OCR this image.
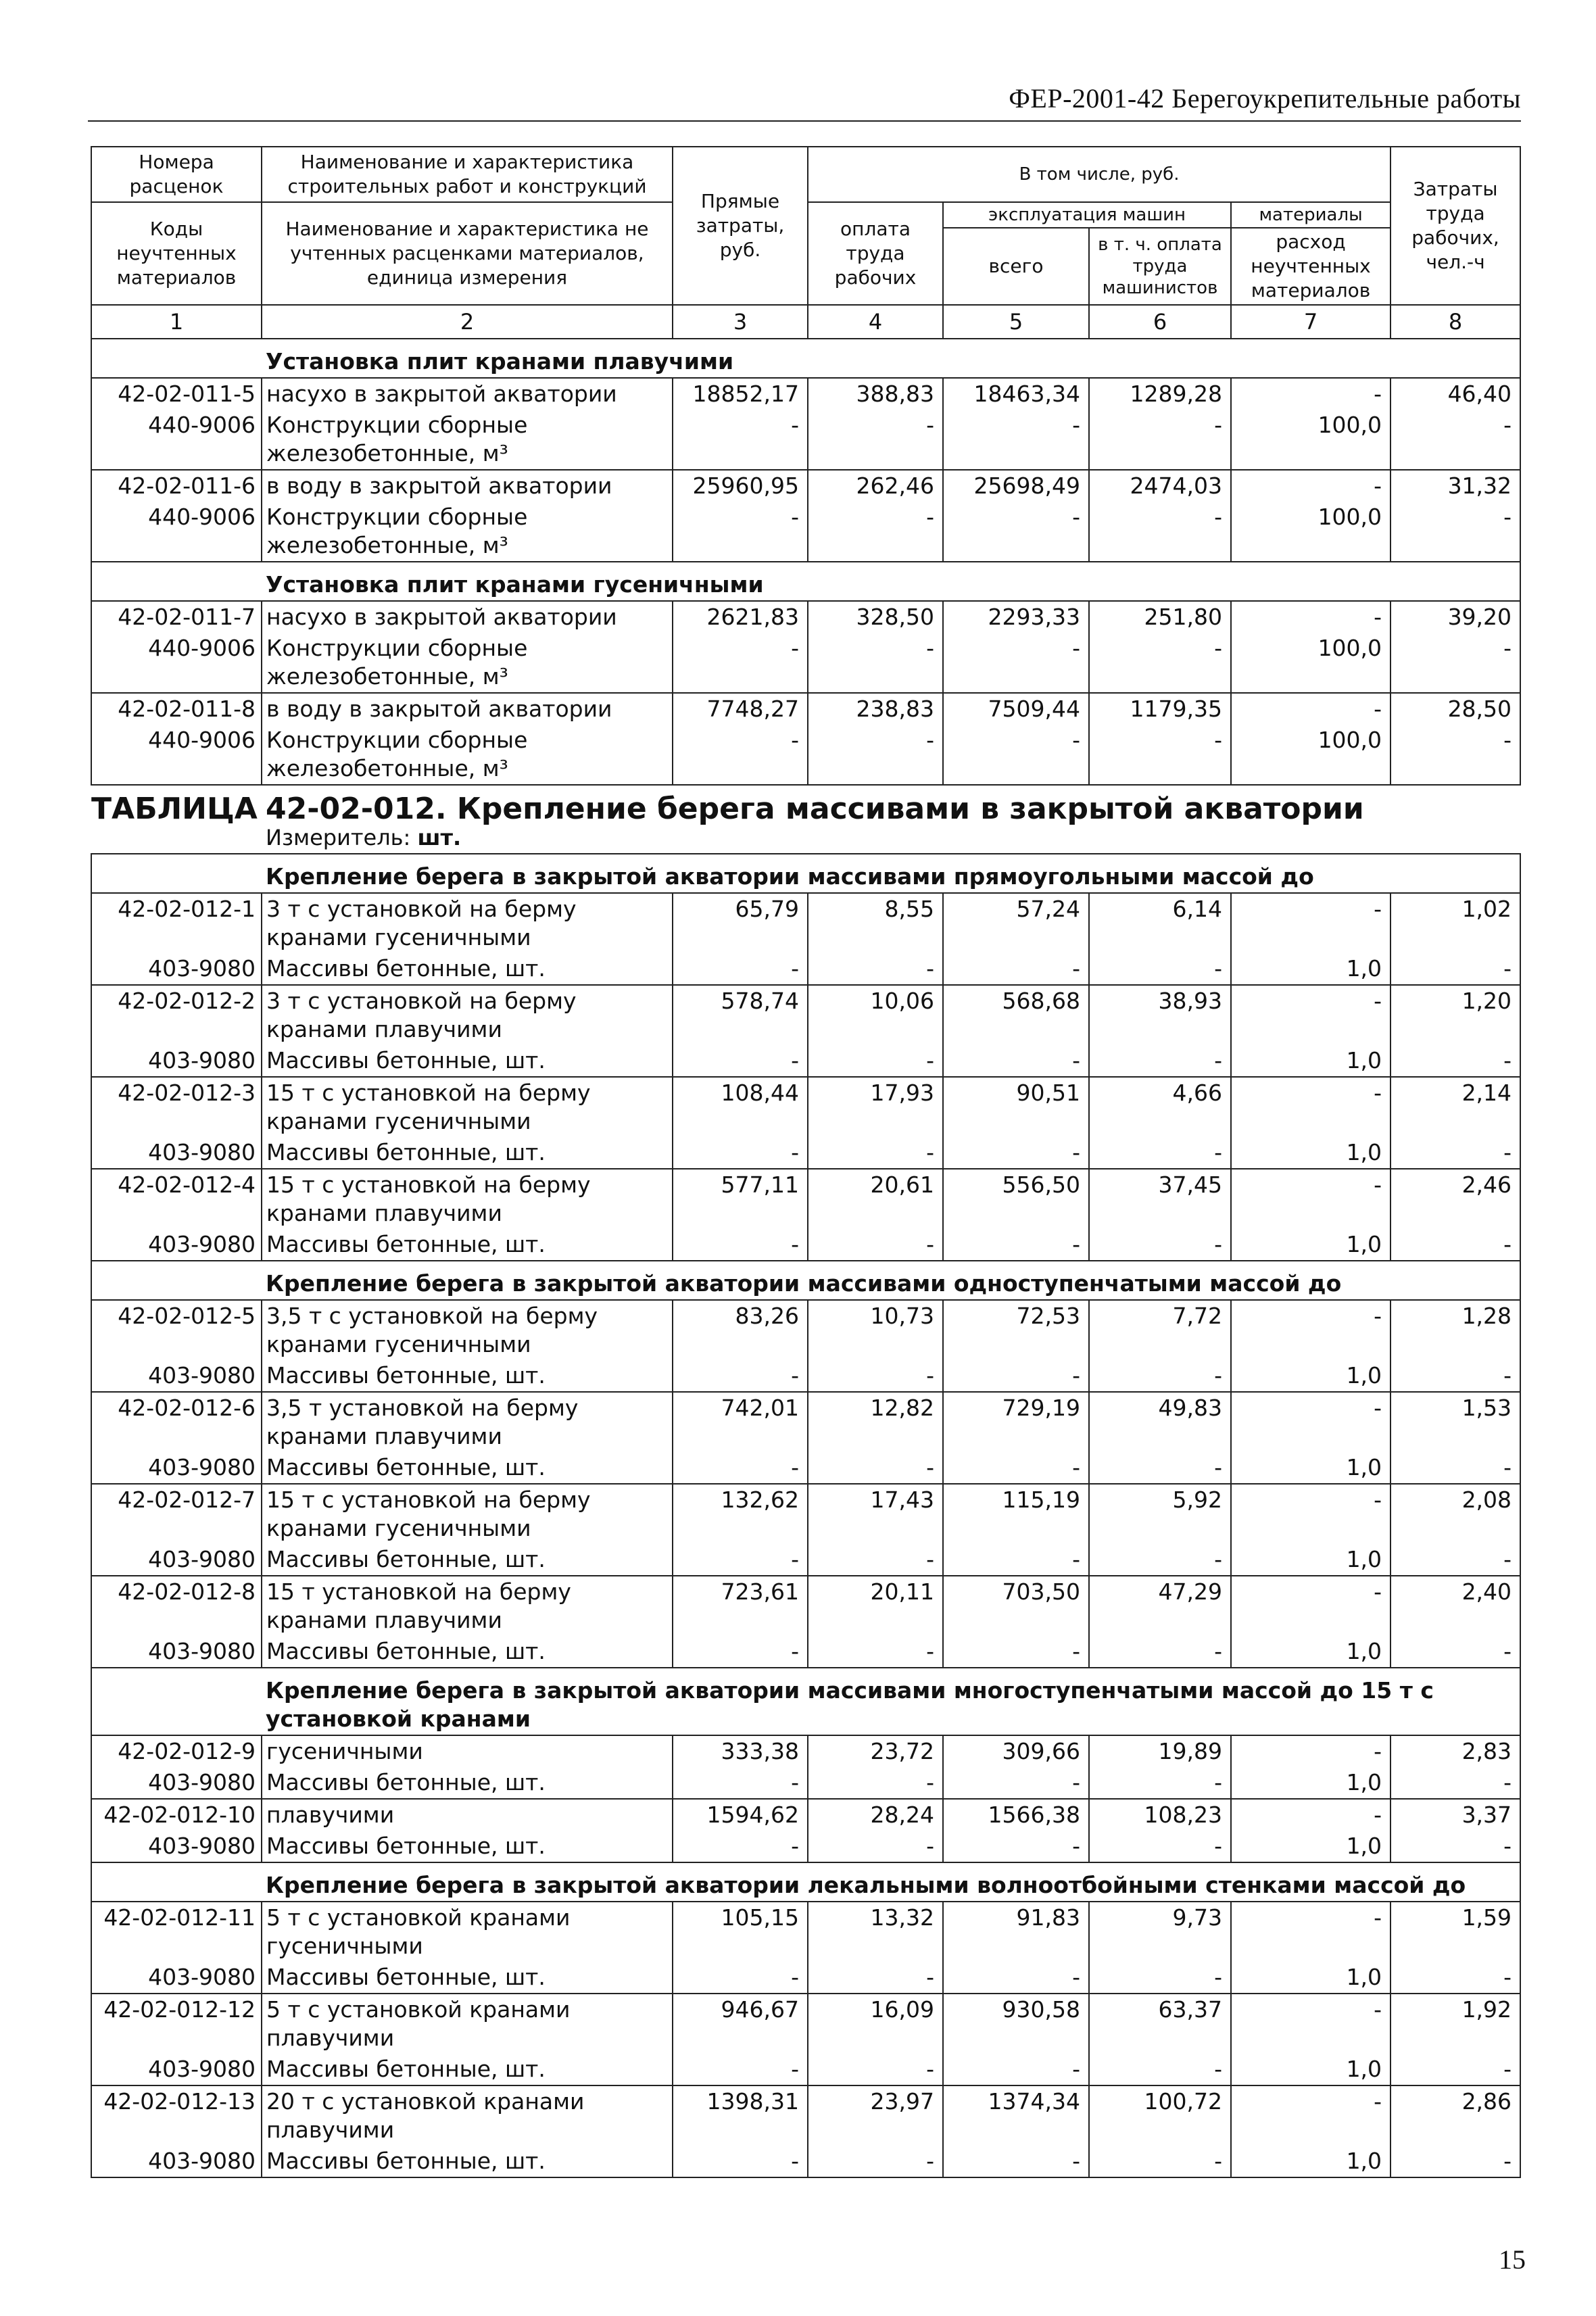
ФЕР-2001-42 Берегоукрепительные работы
Номера расценок	Наименование и характеристика строительных работ и конструкций	Прямые затраты, руб.	В том числе, руб.				Затраты труда рабочих, чел.-ч
Коды неучтенных материалов	Наименование и характеристика не учтенных расценками материалов, единица измерения		оплата труда рабочих	эксплуатация машин		материалы	
				всего	в т. ч. оплата труда машинистов	расход неучтенных материалов	
1	2	3	4	5	6	7	8
	Установка плит кранами плавучими						
42-02-011-5	насухо в закрытой акватории	18852,17	388,83	18463,34	1289,28	-	46,40
440-9006	Конструкции сборные железобетонные, м³	-	-	-	-	100,0	-
42-02-011-6	в воду в закрытой акватории	25960,95	262,46	25698,49	2474,03	-	31,32
440-9006	Конструкции сборные железобетонные, м³	-	-	-	-	100,0	-
	Установка плит кранами гусеничными						
42-02-011-7	насухо в закрытой акватории	2621,83	328,50	2293,33	251,80	-	39,20
440-9006	Конструкции сборные железобетонные, м³	-	-	-	-	100,0	-
42-02-011-8	в воду в закрытой акватории	7748,27	238,83	7509,44	1179,35	-	28,50
440-9006	Конструкции сборные железобетонные, м³	-	-	-	-	100,0	-
ТАБЛИЦА	42-02-012. Крепление берега массивами в закрытой акватории
Измеритель: шт.						

	Крепление берега в закрытой акватории массивами прямоугольными массой до						
42-02-012-1	3 т с установкой на берму кранами гусеничными	65,79	8,55	57,24	6,14	-	1,02
403-9080	Массивы бетонные, шт.	-	-	-	-	1,0	-
42-02-012-2	3 т с установкой на берму кранами плавучими	578,74	10,06	568,68	38,93	-	1,20
403-9080	Массивы бетонные, шт.	-	-	-	-	1,0	-
42-02-012-3	15 т с установкой на берму кранами гусеничными	108,44	17,93	90,51	4,66	-	2,14
403-9080	Массивы бетонные, шт.	-	-	-	-	1,0	-
42-02-012-4	15 т с установкой на берму кранами плавучими	577,11	20,61	556,50	37,45	-	2,46
403-9080	Массивы бетонные, шт.	-	-	-	-	1,0	-
	Крепление берега в закрытой акватории массивами одноступенчатыми массой до						
42-02-012-5	3,5 т с установкой на берму кранами гусеничными	83,26	10,73	72,53	7,72	-	1,28
403-9080	Массивы бетонные, шт.	-	-	-	-	1,0	-
42-02-012-6	3,5 т установкой на берму кранами плавучими	742,01	12,82	729,19	49,83	-	1,53
403-9080	Массивы бетонные, шт.	-	-	-	-	1,0	-
42-02-012-7	15 т с установкой на берму кранами гусеничными	132,62	17,43	115,19	5,92	-	2,08
403-9080	Массивы бетонные, шт.	-	-	-	-	1,0	-
42-02-012-8	15 т установкой на берму кранами плавучими	723,61	20,11	703,50	47,29	-	2,40
403-9080	Массивы бетонные, шт.	-	-	-	-	1,0	-
	Крепление берега в закрытой акватории массивами многоступенчатыми массой до 15 т с установкой кранами						
42-02-012-9	гусеничными	333,38	23,72	309,66	19,89	-	2,83
403-9080	Массивы бетонные, шт.	-	-	-	-	1,0	-
42-02-012-10	плавучими	1594,62	28,24	1566,38	108,23	-	3,37
403-9080	Массивы бетонные, шт.	-	-	-	-	1,0	-
	Крепление берега в закрытой акватории лекальными волноотбойными стенками массой до						
42-02-012-11	5 т с установкой кранами гусеничными	105,15	13,32	91,83	9,73	-	1,59
403-9080	Массивы бетонные, шт.	-	-	-	-	1,0	-
42-02-012-12	5 т с установкой кранами плавучими	946,67	16,09	930,58	63,37	-	1,92
403-9080	Массивы бетонные, шт.	-	-	-	-	1,0	-
42-02-012-13	20 т с установкой кранами плавучими	1398,31	23,97	1374,34	100,72	-	2,86
403-9080	Массивы бетонные, шт.	-	-	-	-	1,0	-
15
